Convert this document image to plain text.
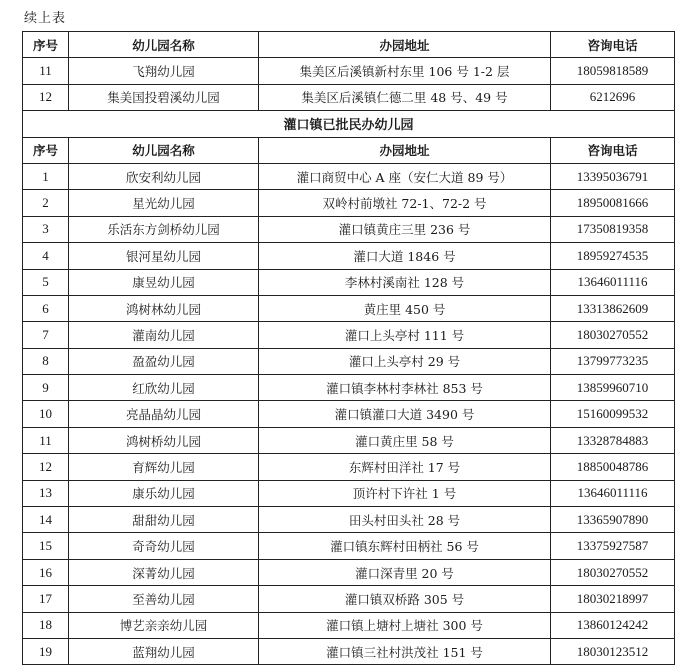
续上表
序号	幼儿园名称	办园地址	咨询电话
11	飞翔幼儿园	集美区后溪镇新村东里 106 号 1-2 层	18059818589
12	集美国投碧溪幼儿园	集美区后溪镇仁德二里 48 号、49 号	6212696
灌口镇已批民办幼儿园			
序号	幼儿园名称	办园地址	咨询电话
1	欣安利幼儿园	灌口商贸中心 A 座（安仁大道 89 号）	13395036791
2	星光幼儿园	双岭村前墩社 72-1、72-2 号	18950081666
3	乐活东方剑桥幼儿园	灌口镇黄庄三里 236 号	17350819358
4	银河星幼儿园	灌口大道 1846 号	18959274535
5	康昱幼儿园	李林村溪南社 128 号	13646011116
6	鸿树林幼儿园	黄庄里 450 号	13313862609
7	灌南幼儿园	灌口上头亭村 111 号	18030270552
8	盈盈幼儿园	灌口上头亭村 29 号	13799773235
9	红欣幼儿园	灌口镇李林村李林社 853 号	13859960710
10	亮晶晶幼儿园	灌口镇灌口大道 3490 号	15160099532
11	鸿树桥幼儿园	灌口黄庄里 58 号	13328784883
12	育辉幼儿园	东辉村田洋社 17 号	18850048786
13	康乐幼儿园	顶许村下许社 1 号	13646011116
14	甜甜幼儿园	田头村田头社 28 号	13365907890
15	奇奇幼儿园	灌口镇东辉村田柄社 56 号	13375927587
16	深菁幼儿园	灌口深青里 20 号	18030270552
17	至善幼儿园	灌口镇双桥路 305 号	18030218997
18	博艺亲亲幼儿园	灌口镇上塘村上塘社 300 号	13860124242
19	蓝翔幼儿园	灌口镇三社村洪茂社 151 号	18030123512
